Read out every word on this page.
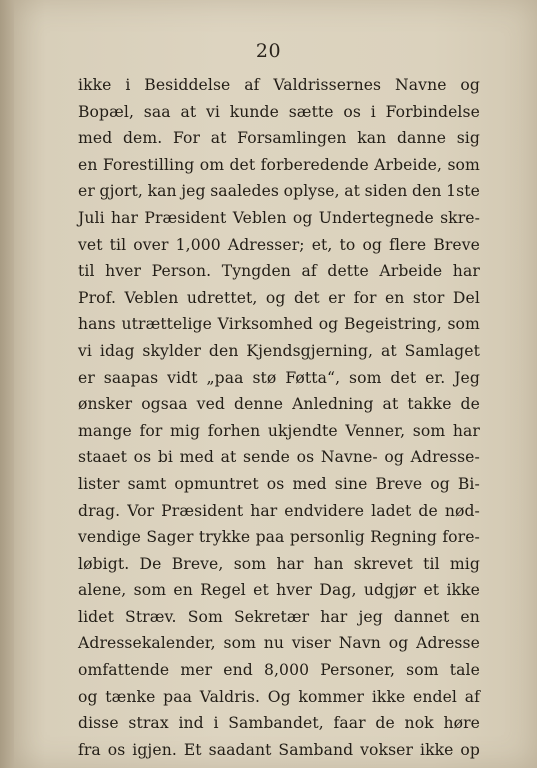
20
ikke i Besiddelse af Valdrissernes Navne og
Bopæl, saa at vi kunde sætte os i Forbindelse
med dem. For at Forsamlingen kan danne sig
en Forestilling om det forberedende Arbeide, som
er gjort, kan jeg saaledes oplyse, at siden den 1ste
Juli har Præsident Veblen og Undertegnede skre-
vet til over 1,000 Adresser; et, to og flere Breve
til hver Person. Tyngden af dette Arbeide har
Prof. Veblen udrettet, og det er for en stor Del
hans utrættelige Virksomhed og Begeistring, som
vi idag skylder den Kjendsgjerning, at Samlaget
er saapas vidt „paa stø Føtta“, som det er. Jeg
ønsker ogsaa ved denne Anledning at takke de
mange for mig forhen ukjendte Venner, som har
staaet os bi med at sende os Navne- og Adresse-
lister samt opmuntret os med sine Breve og Bi-
drag. Vor Præsident har endvidere ladet de nød-
vendige Sager trykke paa personlig Regning fore-
løbigt. De Breve, som har han skrevet til mig
alene, som en Regel et hver Dag, udgjør et ikke
lidet Stræv. Som Sekretær har jeg dannet en
Adressekalender, som nu viser Navn og Adresse
omfattende mer end 8,000 Personer, som tale
og tænke paa Valdris. Og kommer ikke endel af
disse strax ind i Sambandet, faar de nok høre
fra os igjen. Et saadant Samband vokser ikke op
